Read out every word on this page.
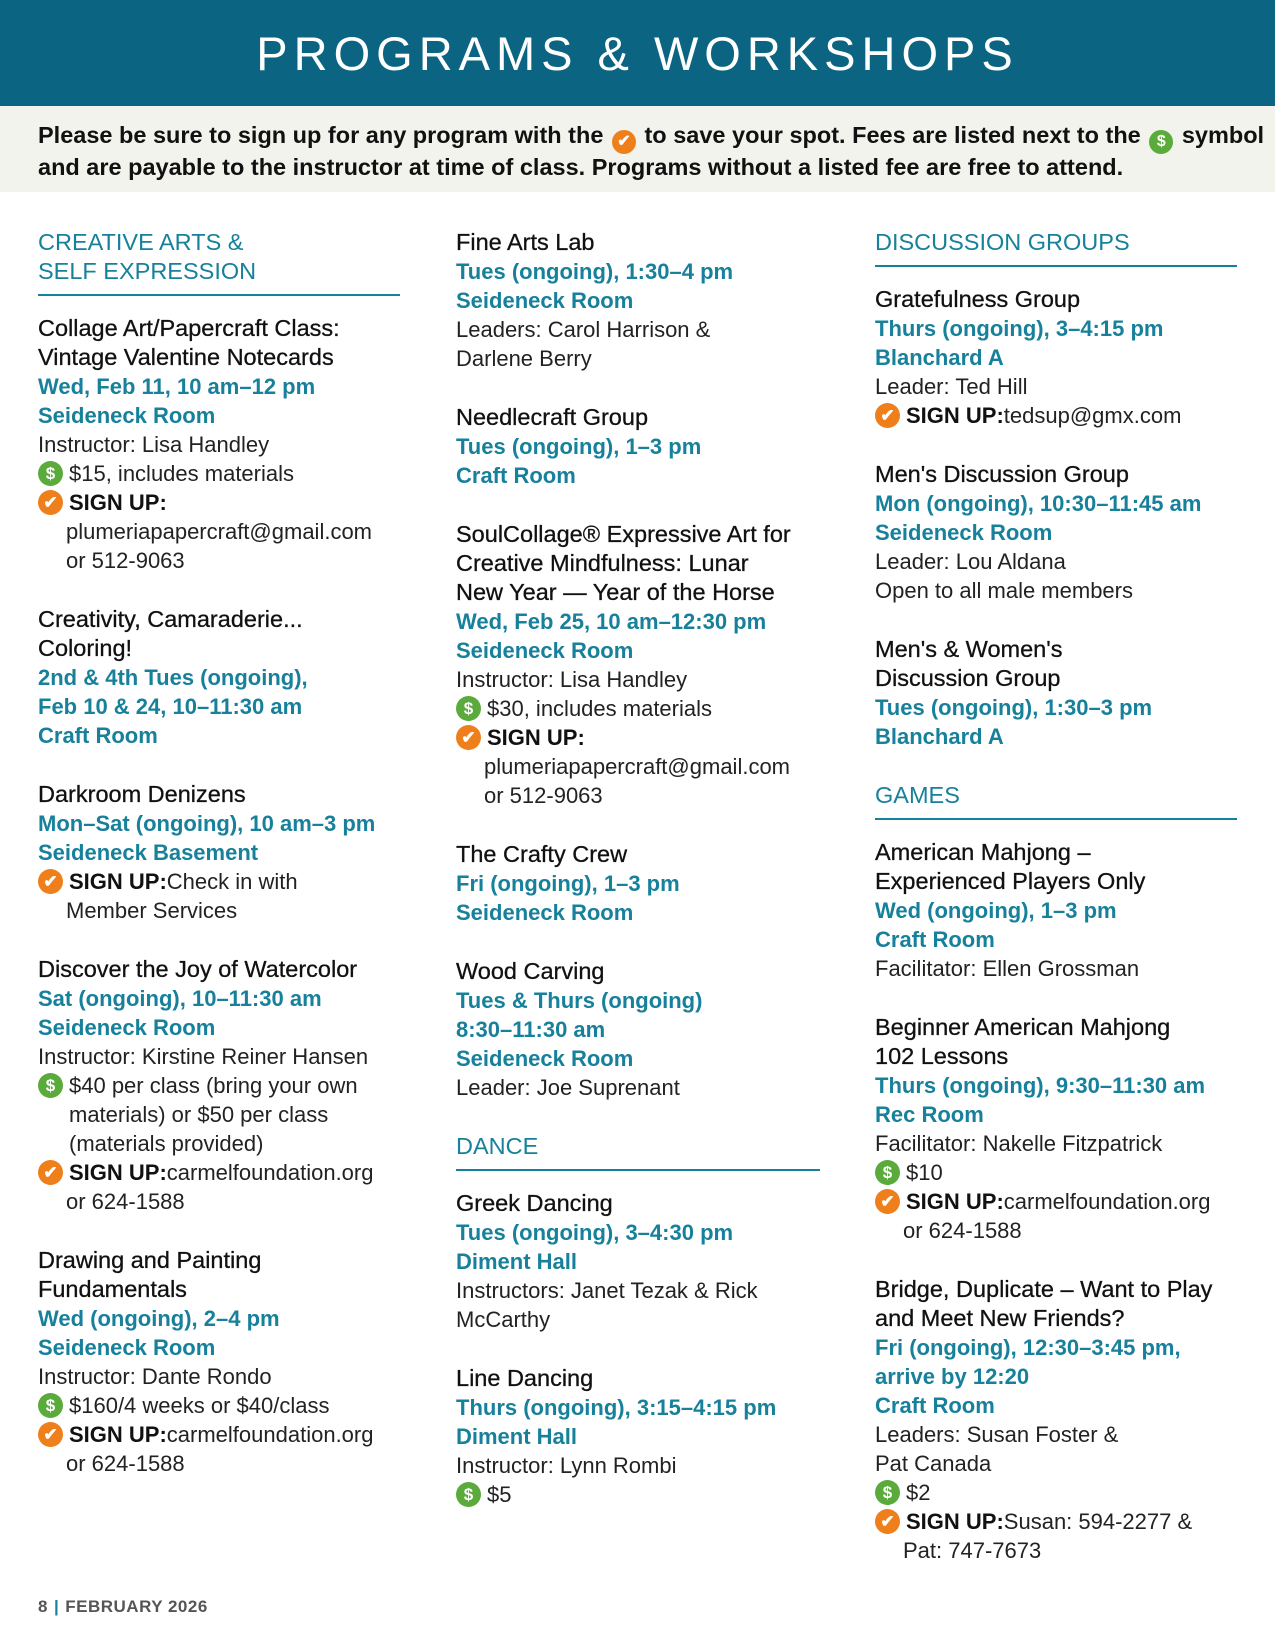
PROGRAMS & WORKSHOPS
Please be sure to sign up for any program with the ✔ to save your spot. Fees are listed next to the $ symbol
and are payable to the instructor at time of class. Programs without a listed fee are free to attend.
CREATIVE ARTS &
SELF EXPRESSION
Collage Art/Papercraft Class:
Vintage Valentine Notecards
Wed, Feb 11, 10 am–12 pm
Seideneck Room
Instructor: Lisa Handley
$ $15, includes materials
✔ SIGN UP:
plumeriapapercraft@gmail.com
or 512-9063
Creativity, Camaraderie...
Coloring!
2nd & 4th Tues (ongoing),
Feb 10 & 24, 10–11:30 am
Craft Room
Darkroom Denizens
Mon–Sat (ongoing), 10 am–3 pm
Seideneck Basement
✔ SIGN UP:Check in with
Member Services
Discover the Joy of Watercolor
Sat (ongoing), 10–11:30 am
Seideneck Room
Instructor: Kirstine Reiner Hansen
$ $40 per class (bring your own
materials) or $50 per class
(materials provided)
✔ SIGN UP:carmelfoundation.org
or 624-1588
Drawing and Painting
Fundamentals
Wed (ongoing), 2–4 pm
Seideneck Room
Instructor: Dante Rondo
$ $160/4 weeks or $40/class
✔ SIGN UP:carmelfoundation.org
or 624-1588
Fine Arts Lab
Tues (ongoing), 1:30–4 pm
Seideneck Room
Leaders: Carol Harrison &
Darlene Berry
Needlecraft Group
Tues (ongoing), 1–3 pm
Craft Room
SoulCollage® Expressive Art for
Creative Mindfulness: Lunar
New Year — Year of the Horse
Wed, Feb 25, 10 am–12:30 pm
Seideneck Room
Instructor: Lisa Handley
$ $30, includes materials
✔ SIGN UP:
plumeriapapercraft@gmail.com
or 512-9063
The Crafty Crew
Fri (ongoing), 1–3 pm
Seideneck Room
Wood Carving
Tues & Thurs (ongoing)
8:30–11:30 am
Seideneck Room
Leader: Joe Suprenant
DANCE
Greek Dancing
Tues (ongoing), 3–4:30 pm
Diment Hall
Instructors: Janet Tezak & Rick
McCarthy
Line Dancing
Thurs (ongoing), 3:15–4:15 pm
Diment Hall
Instructor: Lynn Rombi
$ $5
DISCUSSION GROUPS
Gratefulness Group
Thurs (ongoing), 3–4:15 pm
Blanchard A
Leader: Ted Hill
✔ SIGN UP:tedsup@gmx.com
Men's Discussion Group
Mon (ongoing), 10:30–11:45 am
Seideneck Room
Leader: Lou Aldana
Open to all male members
Men's & Women's
Discussion Group
Tues (ongoing), 1:30–3 pm
Blanchard A
GAMES
American Mahjong –
Experienced Players Only
Wed (ongoing), 1–3 pm
Craft Room
Facilitator: Ellen Grossman
Beginner American Mahjong
102 Lessons
Thurs (ongoing), 9:30–11:30 am
Rec Room
Facilitator: Nakelle Fitzpatrick
$ $10
✔ SIGN UP:carmelfoundation.org
or 624-1588
Bridge, Duplicate – Want to Play
and Meet New Friends?
Fri (ongoing), 12:30–3:45 pm,
arrive by 12:20
Craft Room
Leaders: Susan Foster &
Pat Canada
$ $2
✔ SIGN UP:Susan: 594-2277 &
Pat: 747-7673
8 | FEBRUARY 2026
